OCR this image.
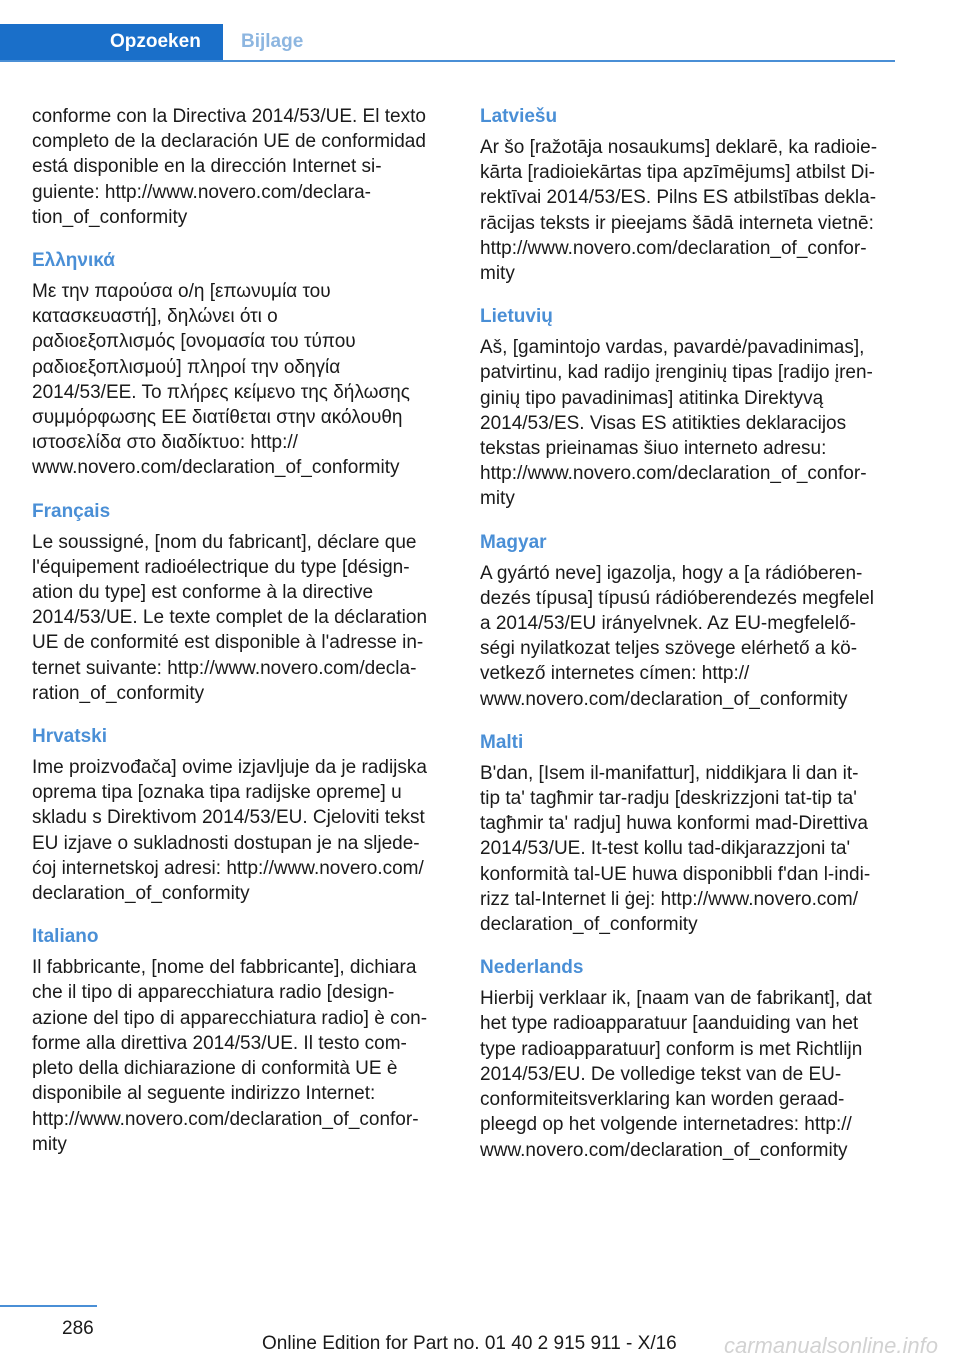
Opzoeken	Bijlage

conforme con la Directiva 2014/53/UE. El texto
completo de la declaración UE de conformidad
está disponible en la dirección Internet si-
guiente: http://www.novero.com/declara-
tion_of_conformity

Ελληνικά

Με την παρούσα ο/η [επωνυμία του
κατασκευαστή], δηλώνει ότι ο
ραδιοεξοπλισμός [ονομασία του τύπου
ραδιοεξοπλισμού] πληροί την οδηγία
2014/53/ΕΕ. Το πλήρες κείμενο της δήλωσης
συμμόρφωσης ΕΕ διατίθεται στην ακόλουθη
ιστοσελίδα στο διαδίκτυο: http://
www.novero.com/declaration_of_conformity

Français

Le soussigné, [nom du fabricant], déclare que
l'équipement radioélectrique du type [désign-
ation du type] est conforme à la directive
2014/53/UE. Le texte complet de la déclaration
UE de conformité est disponible à l'adresse in-
ternet suivante: http://www.novero.com/decla-
ration_of_conformity

Hrvatski

Ime proizvođača] ovime izjavljuje da je radijska
oprema tipa [oznaka tipa radijske opreme] u
skladu s Direktivom 2014/53/EU. Cjeloviti tekst
EU izjave o sukladnosti dostupan je na sljede-
ćoj internetskoj adresi: http://www.novero.com/
declaration_of_conformity

Italiano

Il fabbricante, [nome del fabbricante], dichiara
che il tipo di apparecchiatura radio [design-
azione del tipo di apparecchiatura radio] è con-
forme alla direttiva 2014/53/UE. Il testo com-
pleto della dichiarazione di conformità UE è
disponibile al seguente indirizzo Internet:
http://www.novero.com/declaration_of_confor-
mity

Latviešu

Ar šo [ražotāja nosaukums] deklarē, ka radioie-
kārta [radioiekārtas tipa apzīmējums] atbilst Di-
rektīvai 2014/53/ES. Pilns ES atbilstības dekla-
rācijas teksts ir pieejams šādā interneta vietnē:
http://www.novero.com/declaration_of_confor-
mity

Lietuvių

Aš, [gamintojo vardas, pavardė/pavadinimas],
patvirtinu, kad radijo įrenginių tipas [radijo įren-
ginių tipo pavadinimas] atitinka Direktyvą
2014/53/ES. Visas ES atitikties deklaracijos
tekstas prieinamas šiuo interneto adresu:
http://www.novero.com/declaration_of_confor-
mity

Magyar

A gyártó neve] igazolja, hogy a [a rádióberen-
dezés típusa] típusú rádióberendezés megfelel
a 2014/53/EU irányelvnek. Az EU-megfelelő-
ségi nyilatkozat teljes szövege elérhető a kö-
vetkező internetes címen: http://
www.novero.com/declaration_of_conformity

Malti

B'dan, [Isem il-manifattur], niddikjara li dan it-
tip ta' tagħmir tar-radju [deskrizzjoni tat-tip ta'
tagħmir ta' radju] huwa konformi mad-Direttiva
2014/53/UE. It-test kollu tad-dikjarazzjoni ta'
konformità tal-UE huwa disponibbli f'dan l-indi-
rizz tal-Internet li ġej: http://www.novero.com/
declaration_of_conformity

Nederlands

Hierbij verklaar ik, [naam van de fabrikant], dat
het type radioapparatuur [aanduiding van het
type radioapparatuur] conform is met Richtlijn
2014/53/EU. De volledige tekst van de EU-
conformiteitsverklaring kan worden geraad-
pleegd op het volgende internetadres: http://
www.novero.com/declaration_of_conformity

286
Online Edition for Part no. 01 40 2 915 911 - X/16 carmanualsonline.info
